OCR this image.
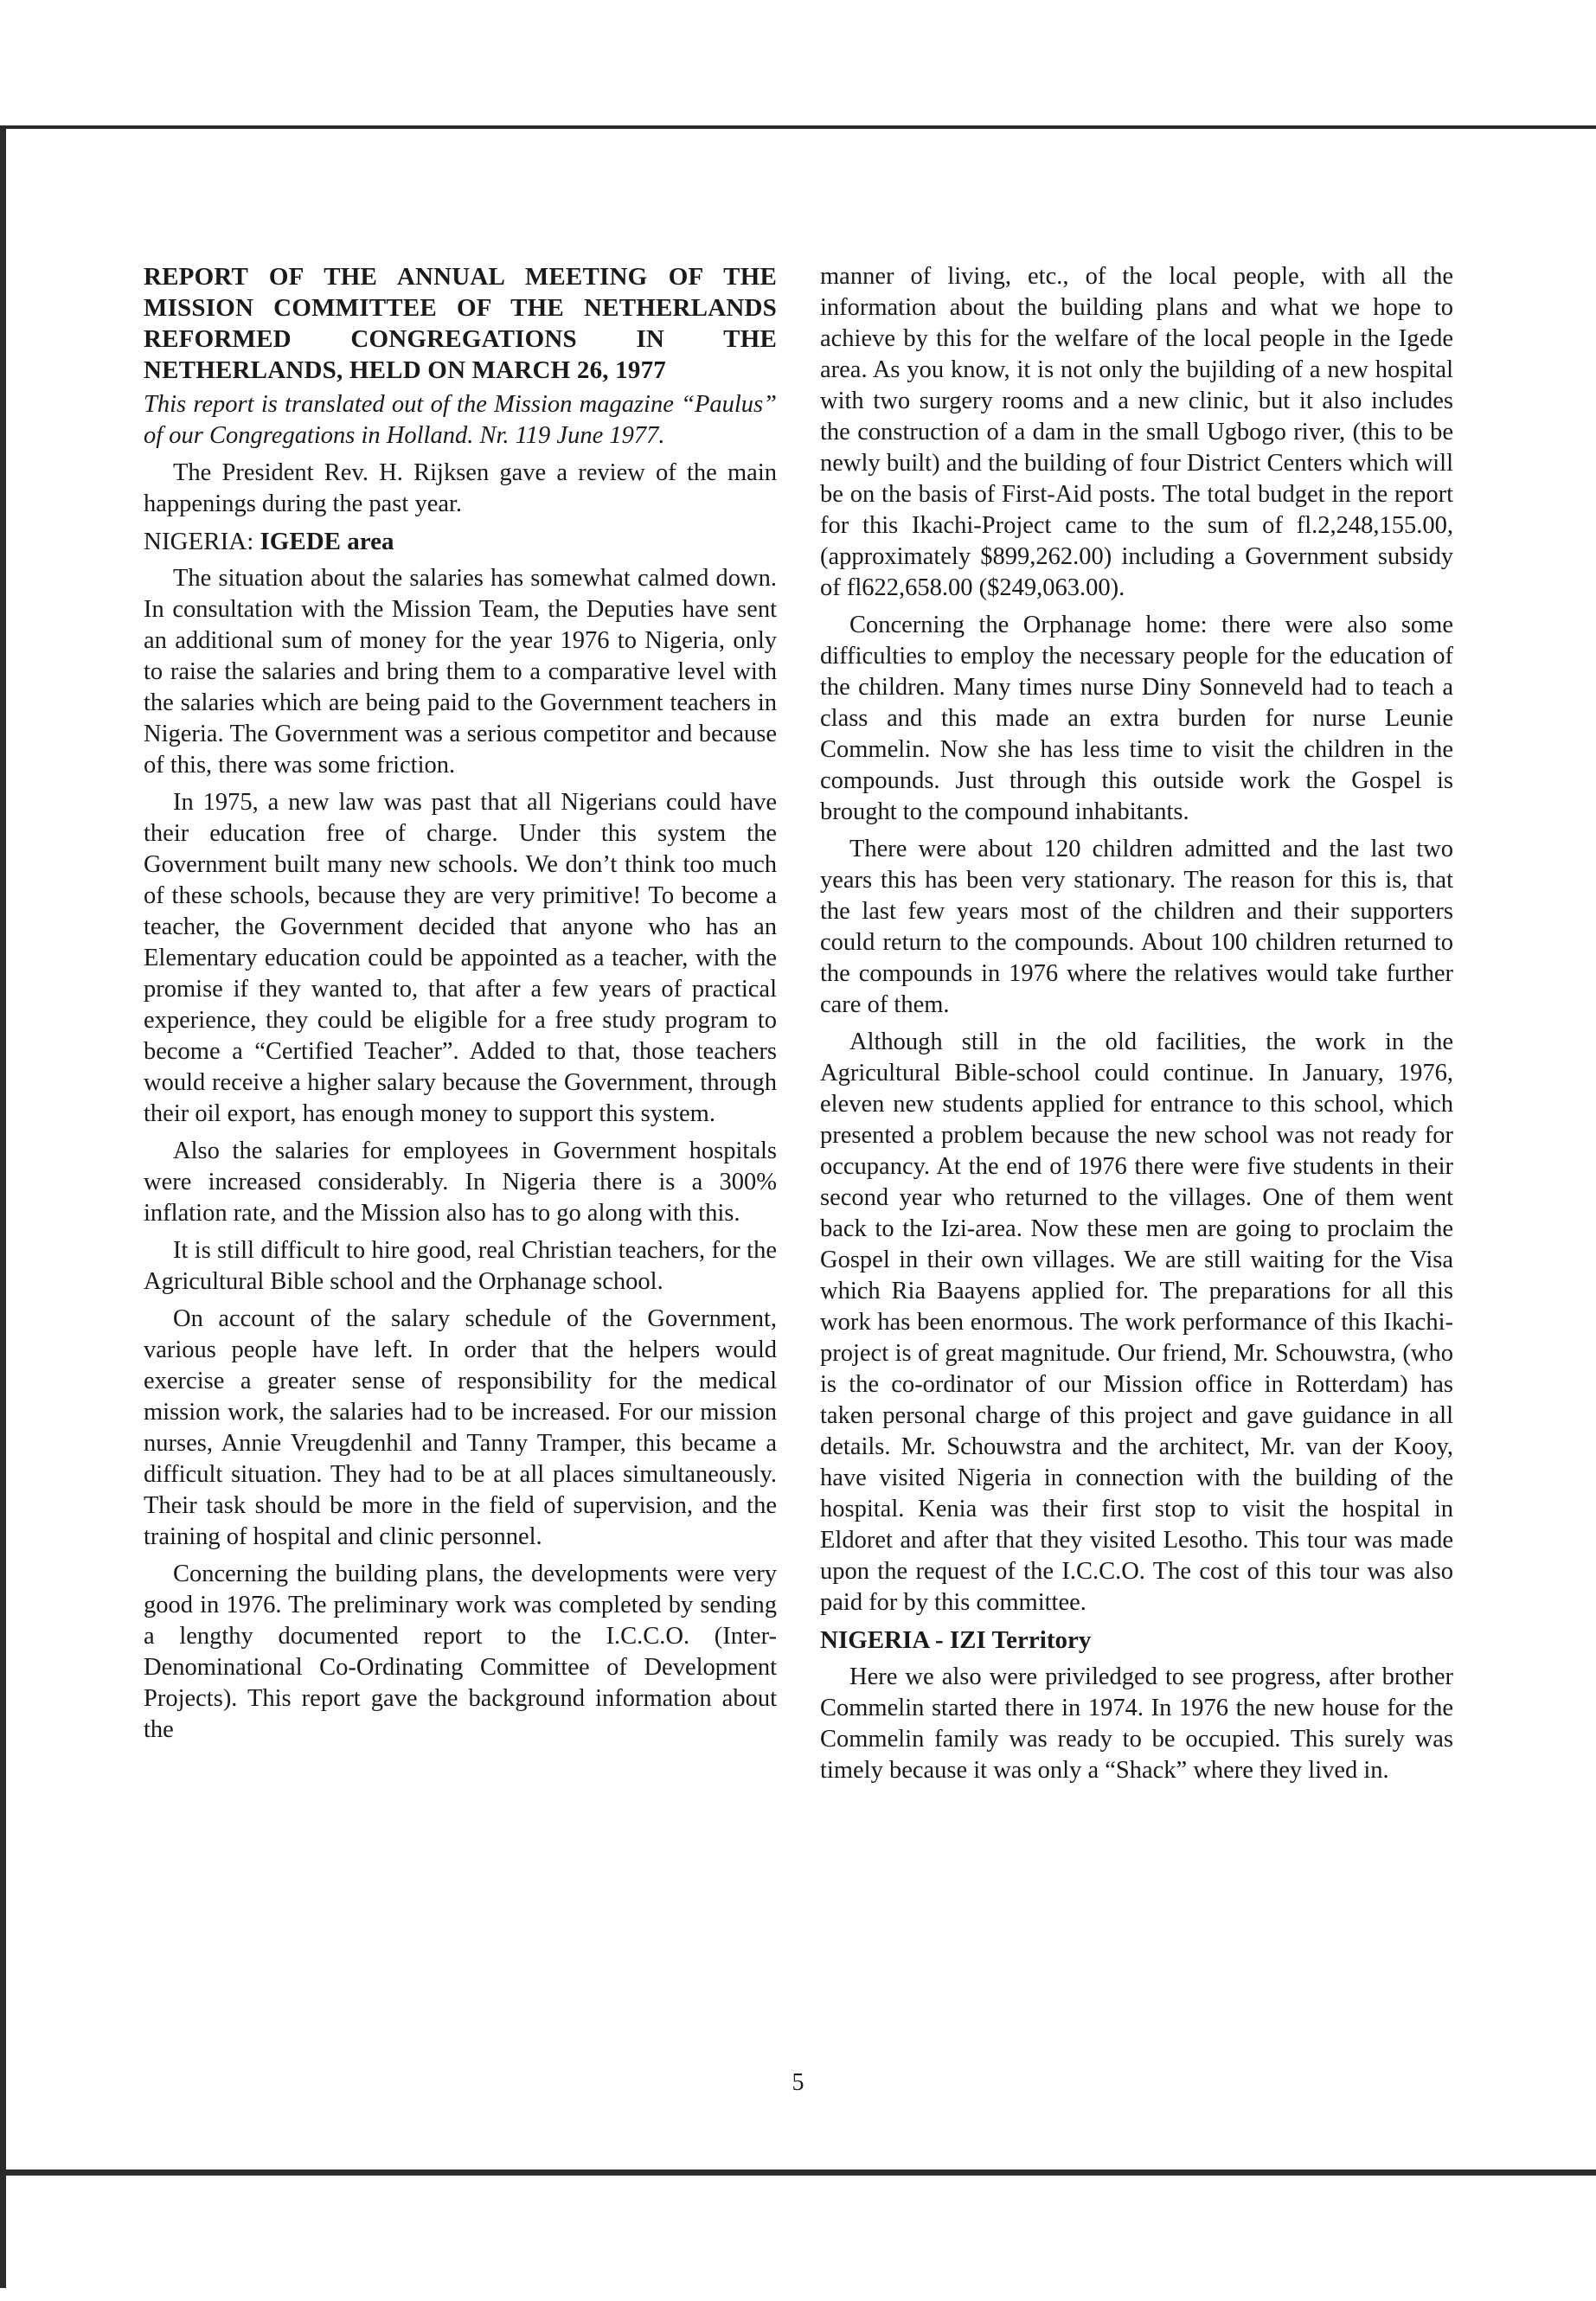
REPORT OF THE ANNUAL MEETING OF THE MISSION COMMITTEE OF THE NETHERLANDS REFORMED CONGREGATIONS IN THE NETHERLANDS, HELD ON MARCH 26, 1977
This report is translated out of the Mission magazine “Paulus” of our Congregations in Holland. Nr. 119 June 1977.

The President Rev. H. Rijksen gave a review of the main happenings during the past year.

NIGERIA: IGEDE area

The situation about the salaries has somewhat calmed down. In consultation with the Mission Team, the Deputies have sent an additional sum of money for the year 1976 to Nigeria, only to raise the salaries and bring them to a comparative level with the salaries which are being paid to the Government teachers in Nigeria. The Government was a serious competitor and because of this, there was some friction.

In 1975, a new law was past that all Nigerians could have their education free of charge. Under this system the Government built many new schools. We don’t think too much of these schools, because they are very primitive! To become a teacher, the Government decided that anyone who has an Elementary education could be appointed as a teacher, with the promise if they wanted to, that after a few years of practical experience, they could be eligible for a free study program to become a “Certified Teacher”. Added to that, those teachers would receive a higher salary because the Government, through their oil export, has enough money to support this system.

Also the salaries for employees in Government hospitals were increased considerably. In Nigeria there is a 300% inflation rate, and the Mission also has to go along with this.

It is still difficult to hire good, real Christian teachers, for the Agricultural Bible school and the Orphanage school.

On account of the salary schedule of the Government, various people have left. In order that the helpers would exercise a greater sense of responsibility for the medical mission work, the salaries had to be increased. For our mission nurses, Annie Vreugdenhil and Tanny Tramper, this became a difficult situation. They had to be at all places simultaneously. Their task should be more in the field of supervision, and the training of hospital and clinic personnel.

Concerning the building plans, the developments were very good in 1976. The preliminary work was completed by sending a lengthy documented report to the I.C.C.O. (Inter-Denominational Co-Ordinating Committee of Development Projects). This report gave the background information about the

manner of living, etc., of the local people, with all the information about the building plans and what we hope to achieve by this for the welfare of the local people in the Igede area. As you know, it is not only the bujilding of a new hospital with two surgery rooms and a new clinic, but it also includes the construction of a dam in the small Ugbogo river, (this to be newly built) and the building of four District Centers which will be on the basis of First-Aid posts. The total budget in the report for this Ikachi-Project came to the sum of fl.2,248,155.00, (approximately $899,262.00) including a Government subsidy of fl622,658.00 ($249,063.00).

Concerning the Orphanage home: there were also some difficulties to employ the necessary people for the education of the children. Many times nurse Diny Sonneveld had to teach a class and this made an extra burden for nurse Leunie Commelin. Now she has less time to visit the children in the compounds. Just through this outside work the Gospel is brought to the compound inhabitants.

There were about 120 children admitted and the last two years this has been very stationary. The reason for this is, that the last few years most of the children and their supporters could return to the compounds. About 100 children returned to the compounds in 1976 where the relatives would take further care of them.

Although still in the old facilities, the work in the Agricultural Bible-school could continue. In January, 1976, eleven new students applied for entrance to this school, which presented a problem because the new school was not ready for occupancy. At the end of 1976 there were five students in their second year who returned to the villages. One of them went back to the Izi-area. Now these men are going to proclaim the Gospel in their own villages. We are still waiting for the Visa which Ria Baayens applied for. The preparations for all this work has been enormous. The work performance of this Ikachi-project is of great magnitude. Our friend, Mr. Schouwstra, (who is the co-ordinator of our Mission office in Rotterdam) has taken personal charge of this project and gave guidance in all details. Mr. Schouwstra and the architect, Mr. van der Kooy, have visited Nigeria in connection with the building of the hospital. Kenia was their first stop to visit the hospital in Eldoret and after that they visited Lesotho. This tour was made upon the request of the I.C.C.O. The cost of this tour was also paid for by this committee.

NIGERIA - IZI Territory

Here we also were priviledged to see progress, after brother Commelin started there in 1974. In 1976 the new house for the Commelin family was ready to be occupied. This surely was timely because it was only a “Shack” where they lived in.

5
